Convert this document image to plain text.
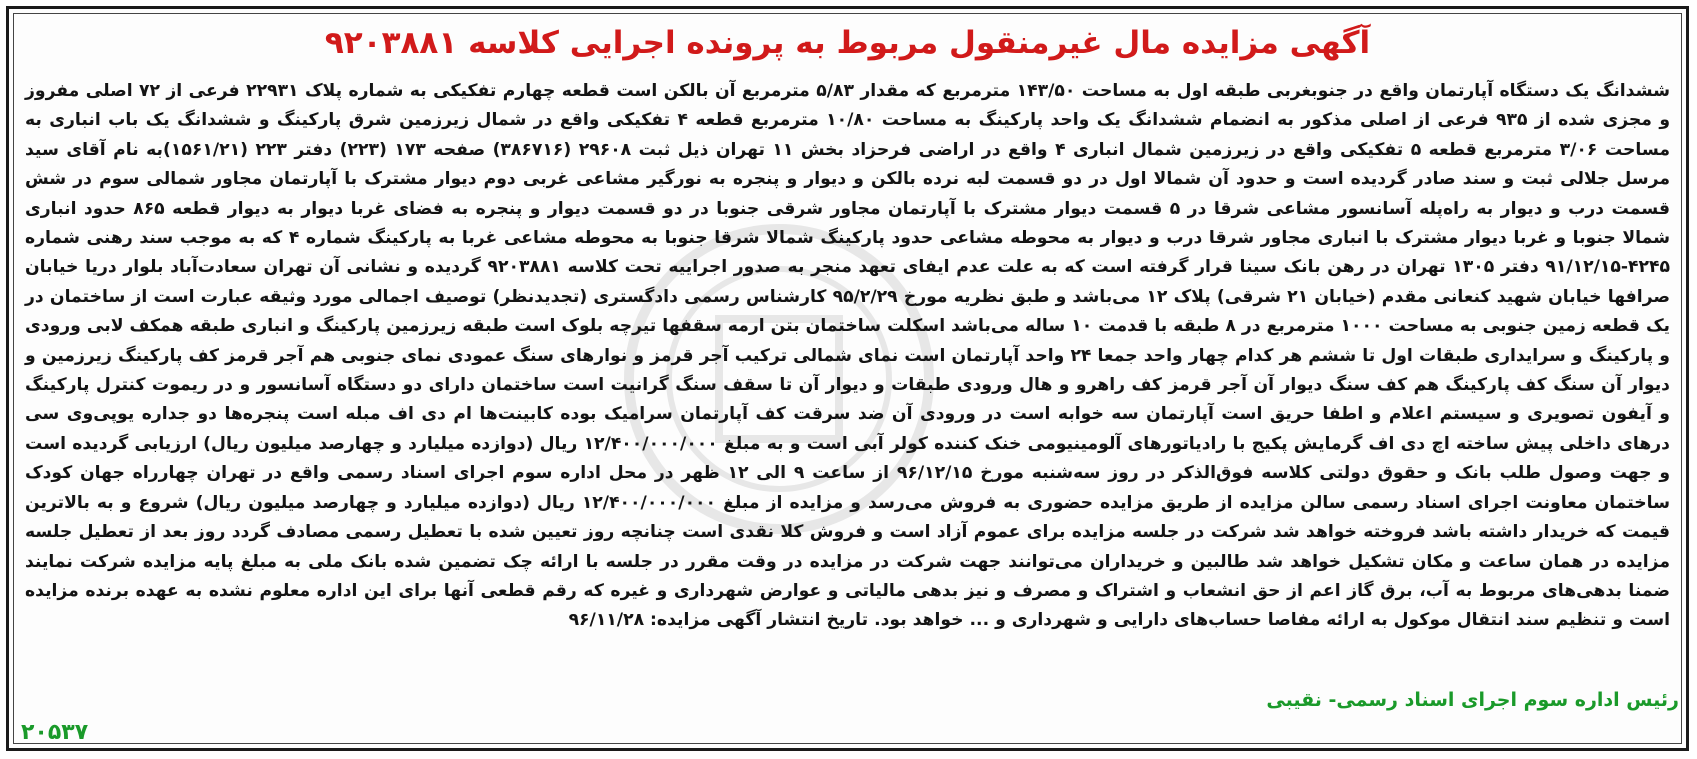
آگهی مزایده مال غیرمنقول مربوط به پرونده اجرایی کلاسه ۹۲۰۳۸۸۱

ششدانگ یک دستگاه آپارتمان واقع در جنوبغربی طبقه اول به مساحت ۱۴۳/۵۰ مترمربع که مقدار ۵/۸۳ مترمربع آن بالکن است قطعه چهارم تفکیکی به شماره پلاک ۲۲۹۳۱ فرعی از ۷۲ اصلی مفروز و مجزی شده از ۹۳۵ فرعی از اصلی مذکور به انضمام ششدانگ یک واحد پارکینگ به مساحت ۱۰/۸۰ مترمربع قطعه ۴ تفکیکی واقع در شمال زیرزمین شرق پارکینگ و ششدانگ یک باب انباری به مساحت ۳/۰۶ مترمربع قطعه ۵ تفکیکی واقع در زیرزمین شمال انباری ۴ واقع در اراضی فرحزاد بخش ۱۱ تهران ذیل ثبت ۲۹۶۰۸ (۳۸۶۷۱۶) صفحه ۱۷۳ (۲۲۳) دفتر ۲۲۳ (۱۵۶۱/۲۱)به نام آقای سید مرسل جلالی ثبت و سند صادر گردیده است و حدود آن شمالا اول در دو قسمت لبه نرده بالکن و دیوار و پنجره به نورگیر مشاعی غربی دوم دیوار مشترک با آپارتمان مجاور شمالی سوم در شش قسمت درب و دیوار به راه‌پله آسانسور مشاعی شرقا در ۵ قسمت دیوار مشترک با آپارتمان مجاور شرقی جنوبا در دو قسمت دیوار و پنجره به فضای غربا دیوار به دیوار قطعه ۸۶۵ حدود انباری شمالا جنوبا و غربا دیوار مشترک با انباری مجاور شرقا درب و دیوار به محوطه مشاعی حدود پارکینگ شمالا شرقا جنوبا به محوطه مشاعی غربا به پارکینگ شماره ۴ که به موجب سند رهنی شماره ۴۲۴۵-۹۱/۱۲/۱۵ دفتر ۱۳۰۵ تهران در رهن بانک سینا قرار گرفته است که به علت عدم ایفای تعهد منجر به صدور اجراییه تحت کلاسه ۹۲۰۳۸۸۱ گردیده و نشانی آن تهران سعادت‌آباد بلوار دریا خیابان صرافها خیابان شهید کنعانی مقدم (خیابان ۲۱ شرقی) پلاک ۱۲ می‌باشد و طبق نظریه مورخ ۹۵/۲/۲۹ کارشناس رسمی دادگستری (تجدیدنظر) توصیف اجمالی مورد وثیقه عبارت است از ساختمان در یک قطعه زمین جنوبی به مساحت ۱۰۰۰ مترمربع در ۸ طبقه با قدمت ۱۰ ساله می‌باشد اسکلت ساختمان بتن ارمه سقفها تیرچه بلوک است طبقه زیرزمین پارکینگ و انباری طبقه همکف لابی ورودی و پارکینگ و سرایداری طبقات اول تا ششم هر کدام چهار واحد جمعا ۲۴ واحد آپارتمان است نمای شمالی ترکیب آجر قرمز و نوارهای سنگ عمودی نمای جنوبی هم آجر قرمز کف پارکینگ زیرزمین و دیوار آن سنگ کف پارکینگ هم کف سنگ دیوار آن آجر قرمز کف راهرو و هال ورودی طبقات و دیوار آن تا سقف سنگ گرانیت است ساختمان دارای دو دستگاه آسانسور و در ریموت کنترل پارکینگ و آیفون تصویری و سیستم اعلام و اطفا حریق است آپارتمان سه خوابه است در ورودی آن ضد سرقت کف آپارتمان سرامیک بوده کابینت‌ها ام دی اف مبله است پنجره‌ها دو جداره یوپی‌وی سی درهای داخلی پیش ساخته اچ دی اف گرمایش پکیج با رادیاتورهای آلومینیومی خنک کننده کولر آبی است و به مبلغ ۱۲/۴۰۰/۰۰۰/۰۰۰ ریال (دوازده میلیارد و چهارصد میلیون ریال) ارزیابی گردیده است و جهت وصول طلب بانک و حقوق دولتی کلاسه فوق‌الذکر در روز سه‌شنبه مورخ ۹۶/۱۲/۱۵ از ساعت ۹ الی ۱۲ ظهر در محل اداره سوم اجرای اسناد رسمی واقع در تهران چهارراه جهان کودک ساختمان معاونت اجرای اسناد رسمی سالن مزایده از طریق مزایده حضوری به فروش می‌رسد و مزایده از مبلغ ۱۲/۴۰۰/۰۰۰/۰۰۰ ریال (دوازده میلیارد و چهارصد میلیون ریال) شروع و به بالاترین قیمت که خریدار داشته باشد فروخته خواهد شد شرکت در جلسه مزایده برای عموم آزاد است و فروش کلا نقدی است چنانچه روز تعیین شده با تعطیل رسمی مصادف گردد روز بعد از تعطیل جلسه مزایده در همان ساعت و مکان تشکیل خواهد شد طالبین و خریداران می‌توانند جهت شرکت در مزایده در وقت مقرر در جلسه با ارائه چک تضمین شده بانک ملی به مبلغ پایه مزایده شرکت نمایند ضمنا بدهی‌های مربوط به آب، برق گاز اعم از حق انشعاب و اشتراک و مصرف و نیز بدهی مالیاتی و عوارض شهرداری و غیره که رقم قطعی آنها برای این اداره معلوم نشده به عهده برنده مزایده است و تنظیم سند انتقال موکول به ارائه مفاصا حساب‌های دارایی و شهرداری و ... خواهد بود. تاریخ انتشار آگهی مزایده: ۹۶/۱۱/۲۸

رئیس اداره سوم اجرای اسناد رسمی- نقیبی
۲۰۵۳۷
